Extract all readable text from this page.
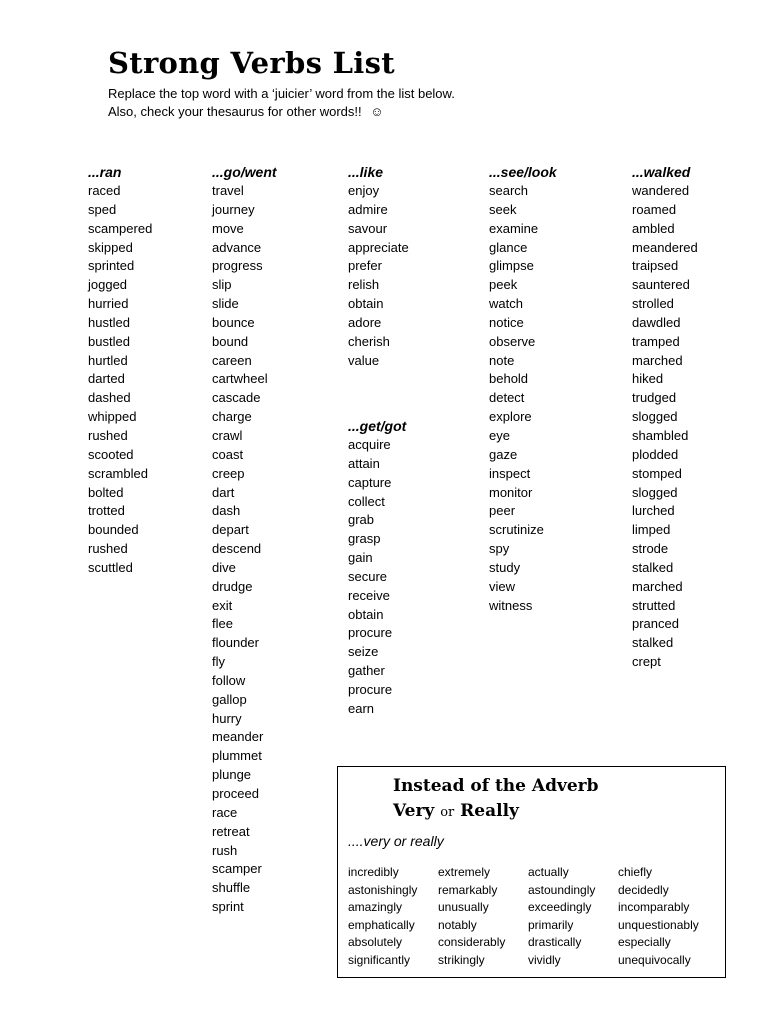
Strong Verbs List
Replace the top word with a ‘juicier’ word from the list below.
Also, check your thesaurus for other words!! ☺
...ran
raced
sped
scampered
skipped
sprinted
jogged
hurried
hustled
bustled
hurtled
darted
dashed
whipped
rushed
scooted
scrambled
bolted
trotted
bounded
rushed
scuttled
...go/went
travel
journey
move
advance
progress
slip
slide
bounce
bound
careen
cartwheel
cascade
charge
crawl
coast
creep
dart
dash
depart
descend
dive
drudge
exit
flee
flounder
fly
follow
gallop
hurry
meander
plummet
plunge
proceed
race
retreat
rush
scamper
shuffle
sprint
...like
enjoy
admire
savour
appreciate
prefer
relish
obtain
adore
cherish
value
...get/got
acquire
attain
capture
collect
grab
grasp
gain
secure
receive
obtain
procure
seize
gather
procure
earn
...see/look
search
seek
examine
glance
glimpse
peek
watch
notice
observe
note
behold
detect
explore
eye
gaze
inspect
monitor
peer
scrutinize
spy
study
view
witness
...walked
wandered
roamed
ambled
meandered
traipsed
sauntered
strolled
dawdled
tramped
marched
hiked
trudged
slogged
shambled
plodded
stomped
slogged
lurched
limped
strode
stalked
marched
strutted
pranced
stalked
crept
Instead of the Adverb
Very or Really
....very or really
incredibly
astonishingly
amazingly
emphatically
absolutely
significantly
extremely
remarkably
unusually
notably
considerably
strikingly
actually
astoundingly
exceedingly
primarily
drastically
vividly
chiefly
decidedly
incomparably
unquestionably
especially
unequivocally
